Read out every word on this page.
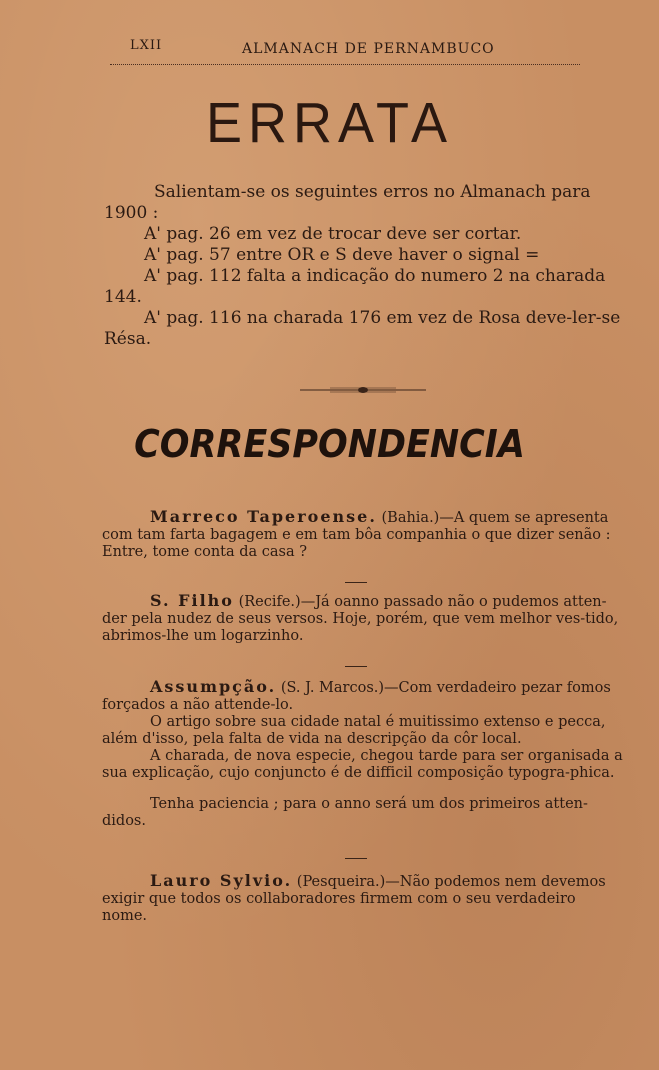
LXII	ALMANACH DE PERNAMBUCO
ERRATA

Salientam-se os seguintes erros no Almanach para 1900 :

A' pag. 26 em vez de trocar deve ser cortar.

A' pag. 57 entre OR e S deve haver o signal =

A' pag. 112 falta a indicação do numero 2 na charada 144.

A' pag. 116 na charada 176 em vez de Rosa deve-ler-se Résa.

CORRESPONDENCIA

Marreco Taperoense. (Bahia.)—A quem se apresenta com tam farta bagagem e em tam bôa companhia o que dizer senão : Entre, tome conta da casa ?

S. Filho (Recife.)—Já oanno passado não o pudemos atten-der pela nudez de seus versos. Hoje, porém, que vem melhor ves-tido, abrimos-lhe um logarzinho.

Assumpção. (S. J. Marcos.)—Com verdadeiro pezar fomos forçados a não attende-lo.

O artigo sobre sua cidade natal é muitissimo extenso e pecca, além d'isso, pela falta de vida na descripção da côr local.

A charada, de nova especie, chegou tarde para ser organisada a sua explicação, cujo conjuncto é de difficil composição typogra-phica.

Tenha paciencia ; para o anno será um dos primeiros atten-didos.

Lauro Sylvio. (Pesqueira.)—Não podemos nem devemos exigir que todos os collaboradores firmem com o seu verdadeiro nome.
